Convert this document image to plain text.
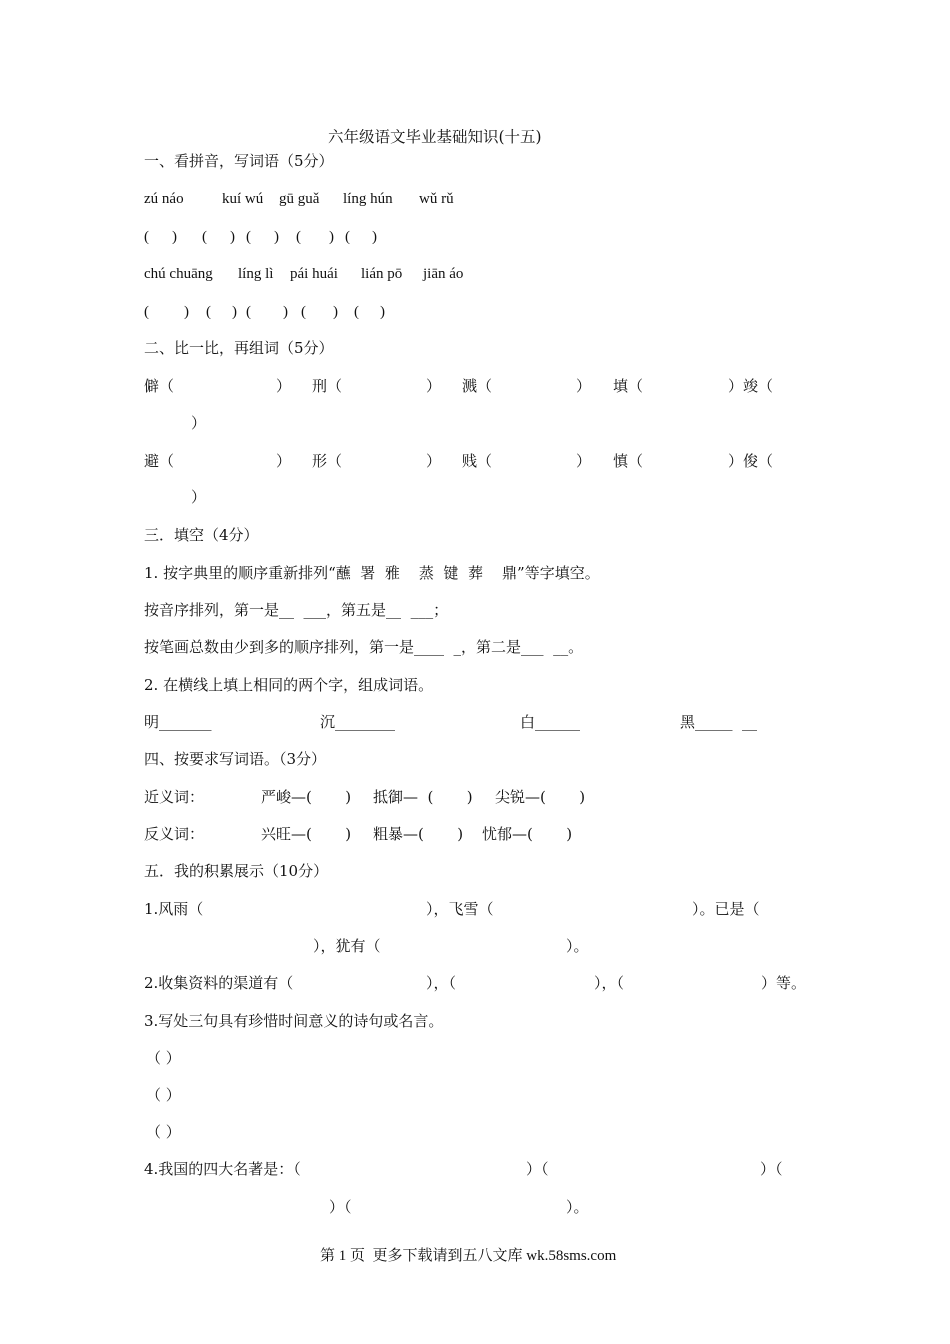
六年级语文毕业基础知识(十五)
一、看拼音，写词语（5分）
zú náo	kuí wú gū guǎ líng hún wǔ rǔ
( ) ( ) ( ) ( ) ( )
chú chuāng líng lì pái huái lián pō jiān áo
( ) ( ) ( ) ( ) ( )
二、比一比，再组词（5分）
僻（	） 刑（	） 溅（	） 填（	）竣（
）
避（	） 形（	） 贱（	） 慎（	）俊（
）
三．填空（4分）
1. 按字典里的顺序重新排列“蘸  署  雅    蒸  键  葬    鼎”等字填空。
按音序排列，第一是__  ___，第五是__  ___；
按笔画总数由少到多的顺序排列，第一是____  _，第二是___  __。
2. 在横线上填上相同的两个字，组成词语。
明_______	沉________	白______	黑_____  __
四、按要求写词语。（3分）
近义词：	严峻—(       ) 抵御—  (       ) 尖锐—(       )
反义词：	兴旺—(       ) 粗暴—(       ) 忧郁—(       )
五．我的积累展示（10分）
1.风雨（	），飞雪（	）。已是（
），犹有（	）。
2.收集资料的渠道有（	），（	），（	）等。
3.写处三句具有珍惜时间意义的诗句或名言。
（ ）
（ ）
（ ）
4.我国的四大名著是：（	）（	）（
）（	）。
第 1 页  更多下载请到五八文库 wk.58sms.com
